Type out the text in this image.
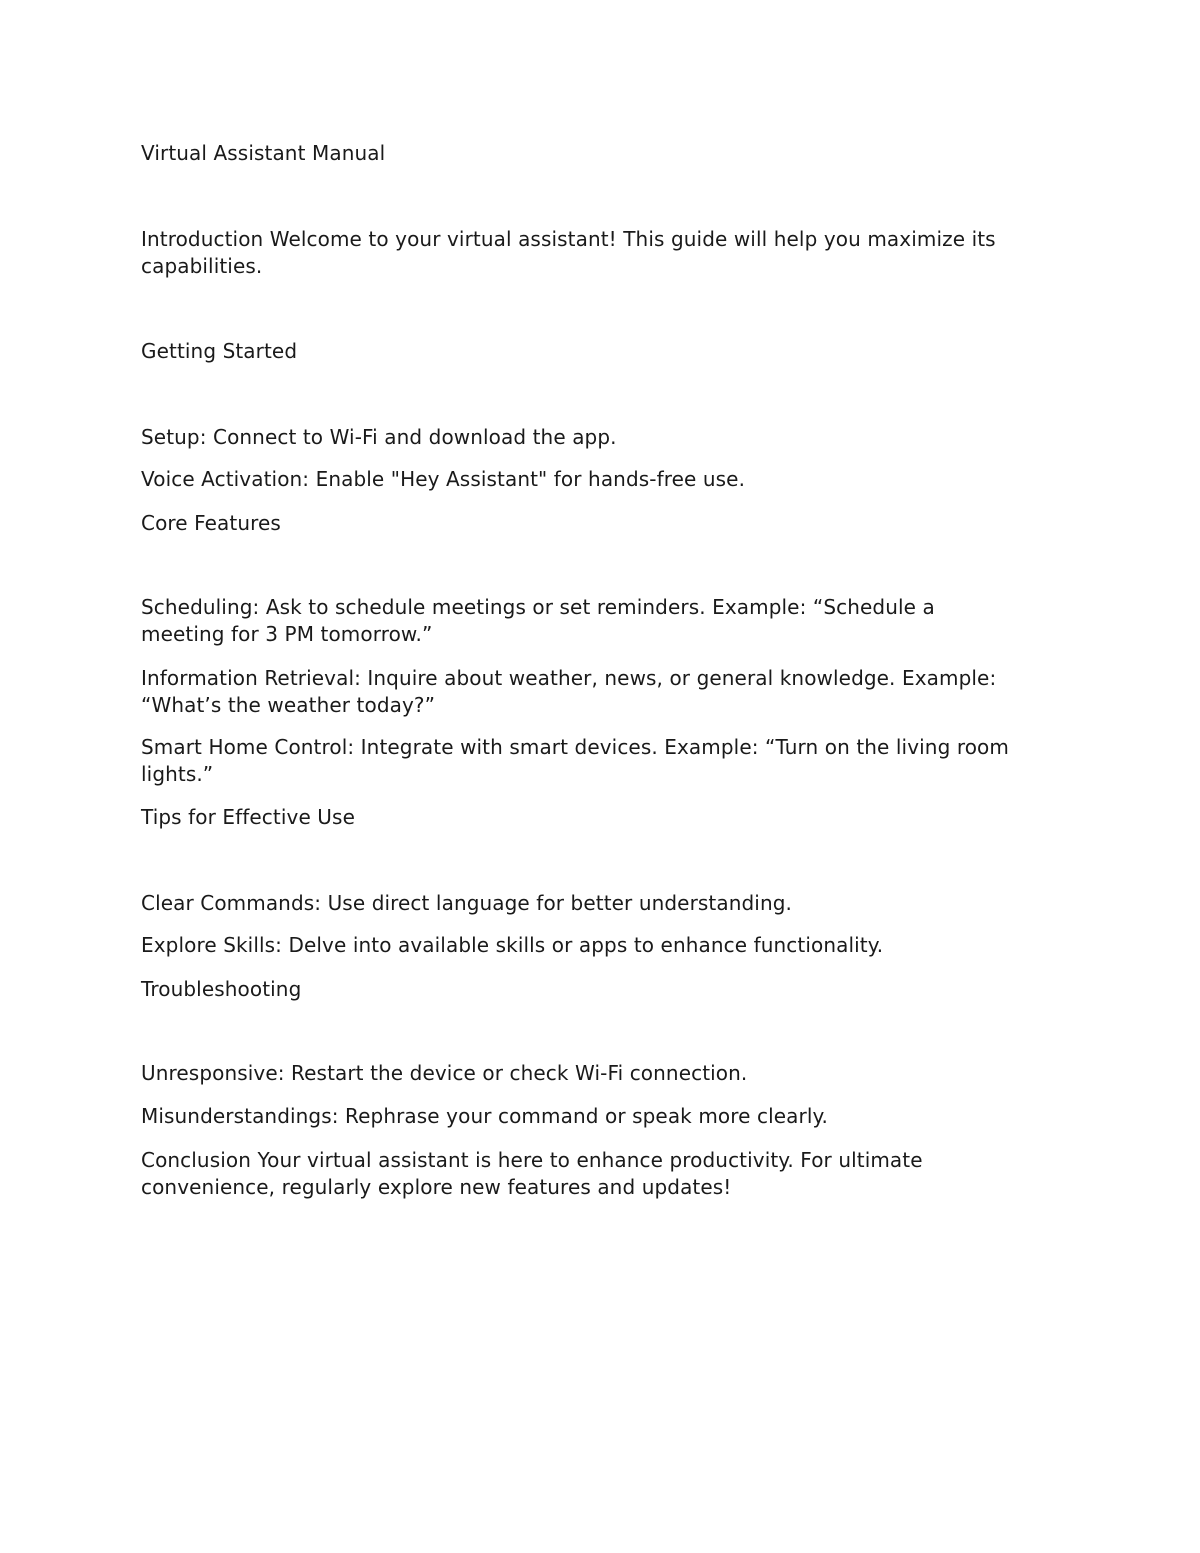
Virtual Assistant Manual

Introduction Welcome to your virtual assistant! This guide will help you maximize its capabilities.

Getting Started

Setup: Connect to Wi-Fi and download the app.

Voice Activation: Enable "Hey Assistant" for hands-free use.

Core Features

Scheduling: Ask to schedule meetings or set reminders. Example: “Schedule a meeting for 3 PM tomorrow.”

Information Retrieval: Inquire about weather, news, or general knowledge. Example: “What’s the weather today?”

Smart Home Control: Integrate with smart devices. Example: “Turn on the living room lights.”

Tips for Effective Use

Clear Commands: Use direct language for better understanding.

Explore Skills: Delve into available skills or apps to enhance functionality.

Troubleshooting

Unresponsive: Restart the device or check Wi-Fi connection.

Misunderstandings: Rephrase your command or speak more clearly.

Conclusion Your virtual assistant is here to enhance productivity. For ultimate convenience, regularly explore new features and updates!
